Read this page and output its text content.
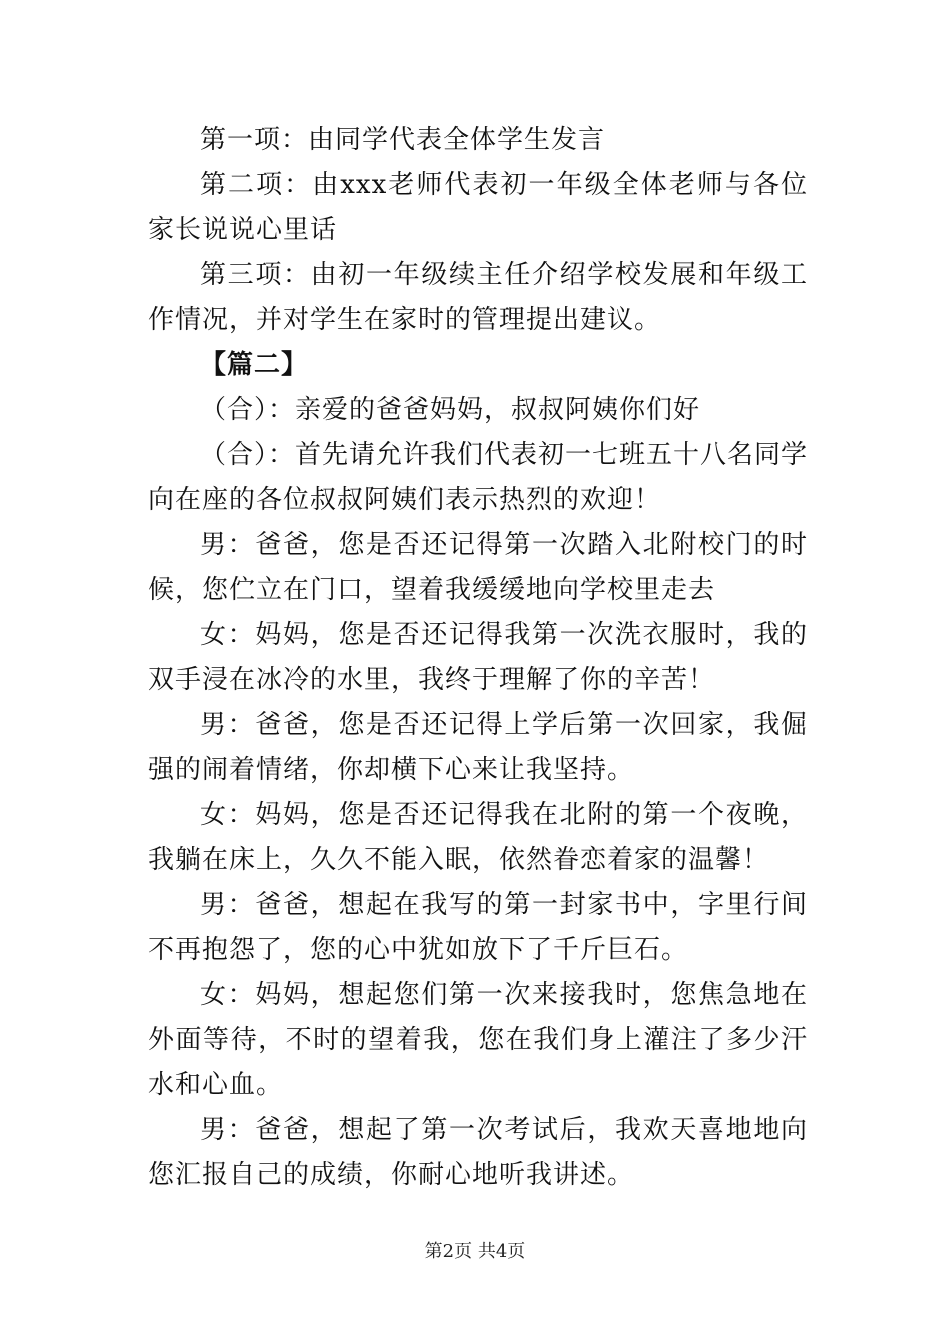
第一项：由同学代表全体学生发言

第二项：由xxx老师代表初一年级全体老师与各位家长说说心里话

第三项：由初一年级续主任介绍学校发展和年级工作情况，并对学生在家时的管理提出建议。

【篇二】

（合）：亲爱的爸爸妈妈，叔叔阿姨你们好

（合）：首先请允许我们代表初一七班五十八名同学向在座的各位叔叔阿姨们表示热烈的欢迎！

男：爸爸，您是否还记得第一次踏入北附校门的时候，您伫立在门口，望着我缓缓地向学校里走去

女：妈妈，您是否还记得我第一次洗衣服时，我的双手浸在冰冷的水里，我终于理解了你的辛苦！

男：爸爸，您是否还记得上学后第一次回家，我倔强的闹着情绪，你却横下心来让我坚持。

女：妈妈，您是否还记得我在北附的第一个夜晚，我躺在床上，久久不能入眠，依然眷恋着家的温馨！

男：爸爸，想起在我写的第一封家书中，字里行间不再抱怨了，您的心中犹如放下了千斤巨石。

女：妈妈，想起您们第一次来接我时，您焦急地在外面等待，不时的望着我，您在我们身上灌注了多少汗水和心血。

男：爸爸，想起了第一次考试后，我欢天喜地地向您汇报自己的成绩，你耐心地听我讲述。

第2页 共4页
